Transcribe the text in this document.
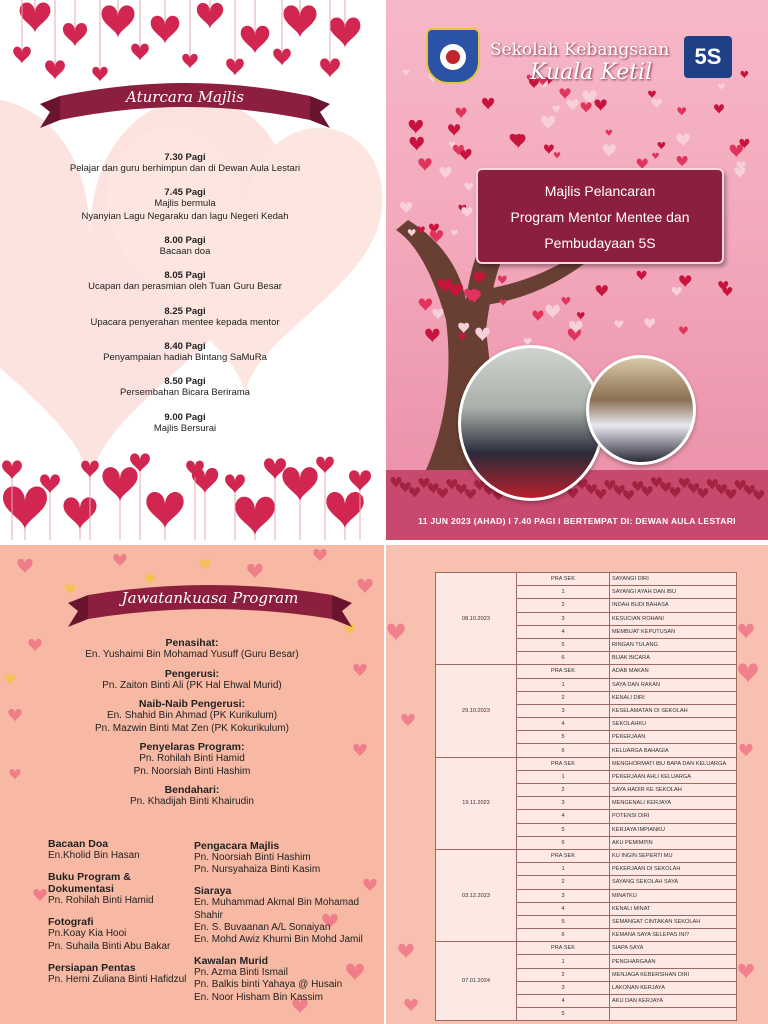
Aturcara Majlis
7.30 Pagi
Pelajar dan guru berhimpun dan di Dewan Aula Lestari
7.45 Pagi
Majlis bermula
Nyanyian Lagu Negaraku dan lagu Negeri Kedah
8.00 Pagi
Bacaan doa
8.05 Pagi
Ucapan dan perasmian oleh Tuan Guru Besar
8.25 Pagi
Upacara penyerahan mentee kepada mentor
8.40 Pagi
Penyampaian hadiah Bintang SaMuRa
8.50 Pagi
Persembahan Bicara Berirama
9.00 Pagi
Majlis Bersurai
Sekolah Kebangsaan
Kuala Ketil
5S
Majlis Pelancaran
Program Mentor Mentee dan
Pembudayaan 5S
11 JUN 2023 (AHAD) I 7.40 PAGI I BERTEMPAT DI: DEWAN AULA LESTARI
Jawatankuasa Program
Penasihat:
En. Yushaimi Bin Mohamad Yusuff (Guru Besar)
Pengerusi:
Pn. Zaiton Binti Ali (PK Hal Ehwal Murid)
Naib-Naib Pengerusi:
En. Shahid Bin Ahmad (PK Kurikulum)
Pn. Mazwin Binti Mat Zen (PK Kokurikulum)
Penyelaras Program:
Pn. Rohilah Binti Hamid
Pn. Noorsiah Binti Hashim
Bendahari:
Pn. Khadijah Binti Khairudin
Bacaan Doa
En.Kholid Bin Hasan
Buku Program & Dokumentasi
Pn. Rohilah Binti Hamid
Fotografi
Pn.Koay Kia Hooi
Pn. Suhaila Binti Abu Bakar
Persiapan Pentas
Pn. Herni Zuliana Binti Hafidzul
Pengacara Majlis
Pn. Noorsiah Binti Hashim
Pn. Nursyahaiza Binti Kasim
Siaraya
En. Muhammad Akmal Bin Mohamad Shahir
En. S. Buvaanan A/L Sonaiyan
En. Mohd Awiz Khurni Bin Mohd Jamil
Kawalan Murid
Pn. Azma Binti Ismail
Pn. Balkis binti Yahaya @ Husain
En. Noor Hisham Bin Kassim
08.10.2023	PRA SEK	SAYANGI DIRI
	1	SAYANGI AYAH DAN IBU
	2	INDAH BUDI BAHASA
	3	KESUCIAN ROHANI
	4	MEMBUAT KEPUTUSAN
	5	RINGAN TULANG
	6	BIJAK BICARA
29.10.2023	PRA SEK	ADAB MAKAN
	1	SAYA DAN RAKAN
	2	KENALI DIRI
	3	KESELAMATAN DI SEKOLAH
	4	SEKOLAHKU
	5	PEKERJAAN
	6	KELUARGA BAHAGIA
19.11.2023	PRA SEK	MENGHORMATI IBU BAPA DAN KELUARGA
	1	PEKERJAAN AHLI KELUARGA
	2	SAYA HADIR KE SEKOLAH
	3	MENGENALI KERJAYA
	4	POTENSI DIRI
	5	KERJAYA IMPIANKU
	6	AKU PEMIMPIN
03.12.2023	PRA SEK	KU INGIN SEPERTI MU
	1	PEKERJAAN DI SEKOLAH
	2	SAYANG SEKOLAH SAYA
	3	MINATKU
	4	KENALI MINAT
	5	SEMANGAT CINTAKAN SEKOLAH
	6	KEMANA SAYA SELEPAS INI?
07.01.2024	PRA SEK	SIAPA SAYA
	1	PENGHARGAAN
	2	MENJAGA KEBERSIHAN DIRI
	3	LAKONAN KERJAYA
	4	AKU DAN KERJAYA
	5	
